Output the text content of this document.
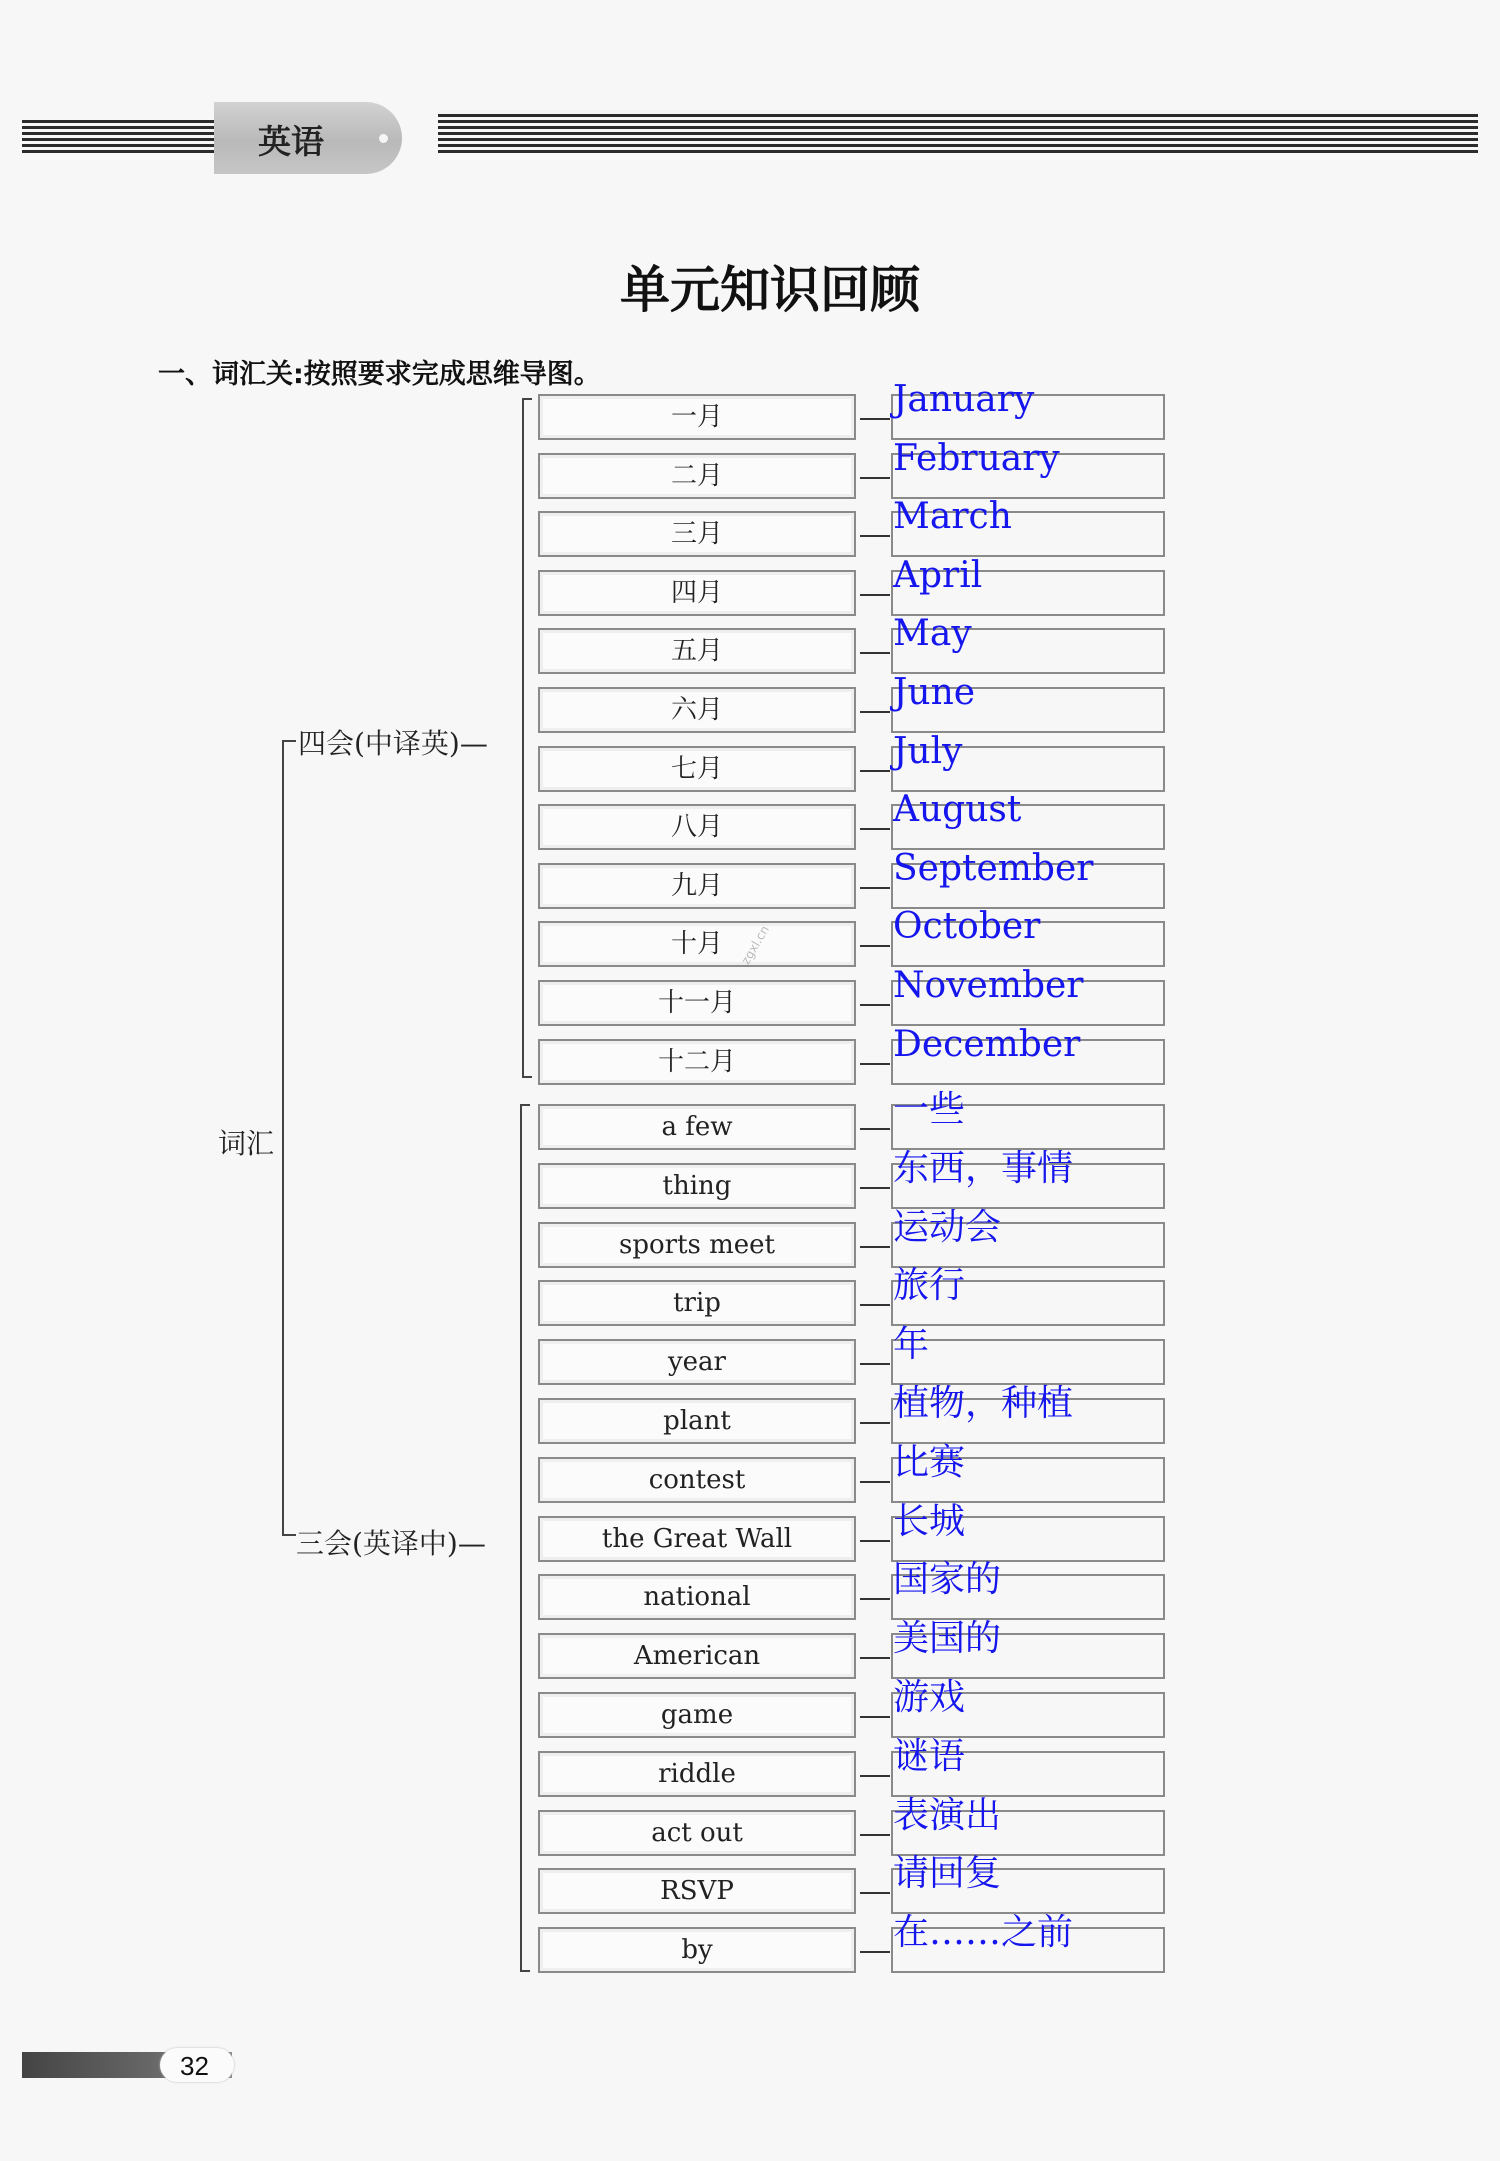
英语
单元知识回顾
一、词汇关:按照要求完成思维导图。
词汇
四会(中译英)—
三会(英译中)—
一月	January
二月	February
三月	March
四月	April
五月	May
六月	June
七月	July
八月	August
九月	September
十月	October
十一月	November
十二月	December
a few	一些
thing	东西，事情
sports meet	运动会
trip	旅行
year	年
plant	植物，种植
contest	比赛
the Great Wall	长城
national	国家的
American	美国的
game	游戏
riddle	谜语
act out	表演出
RSVP	请回复
by	在……之前
zgxl.cn
32
